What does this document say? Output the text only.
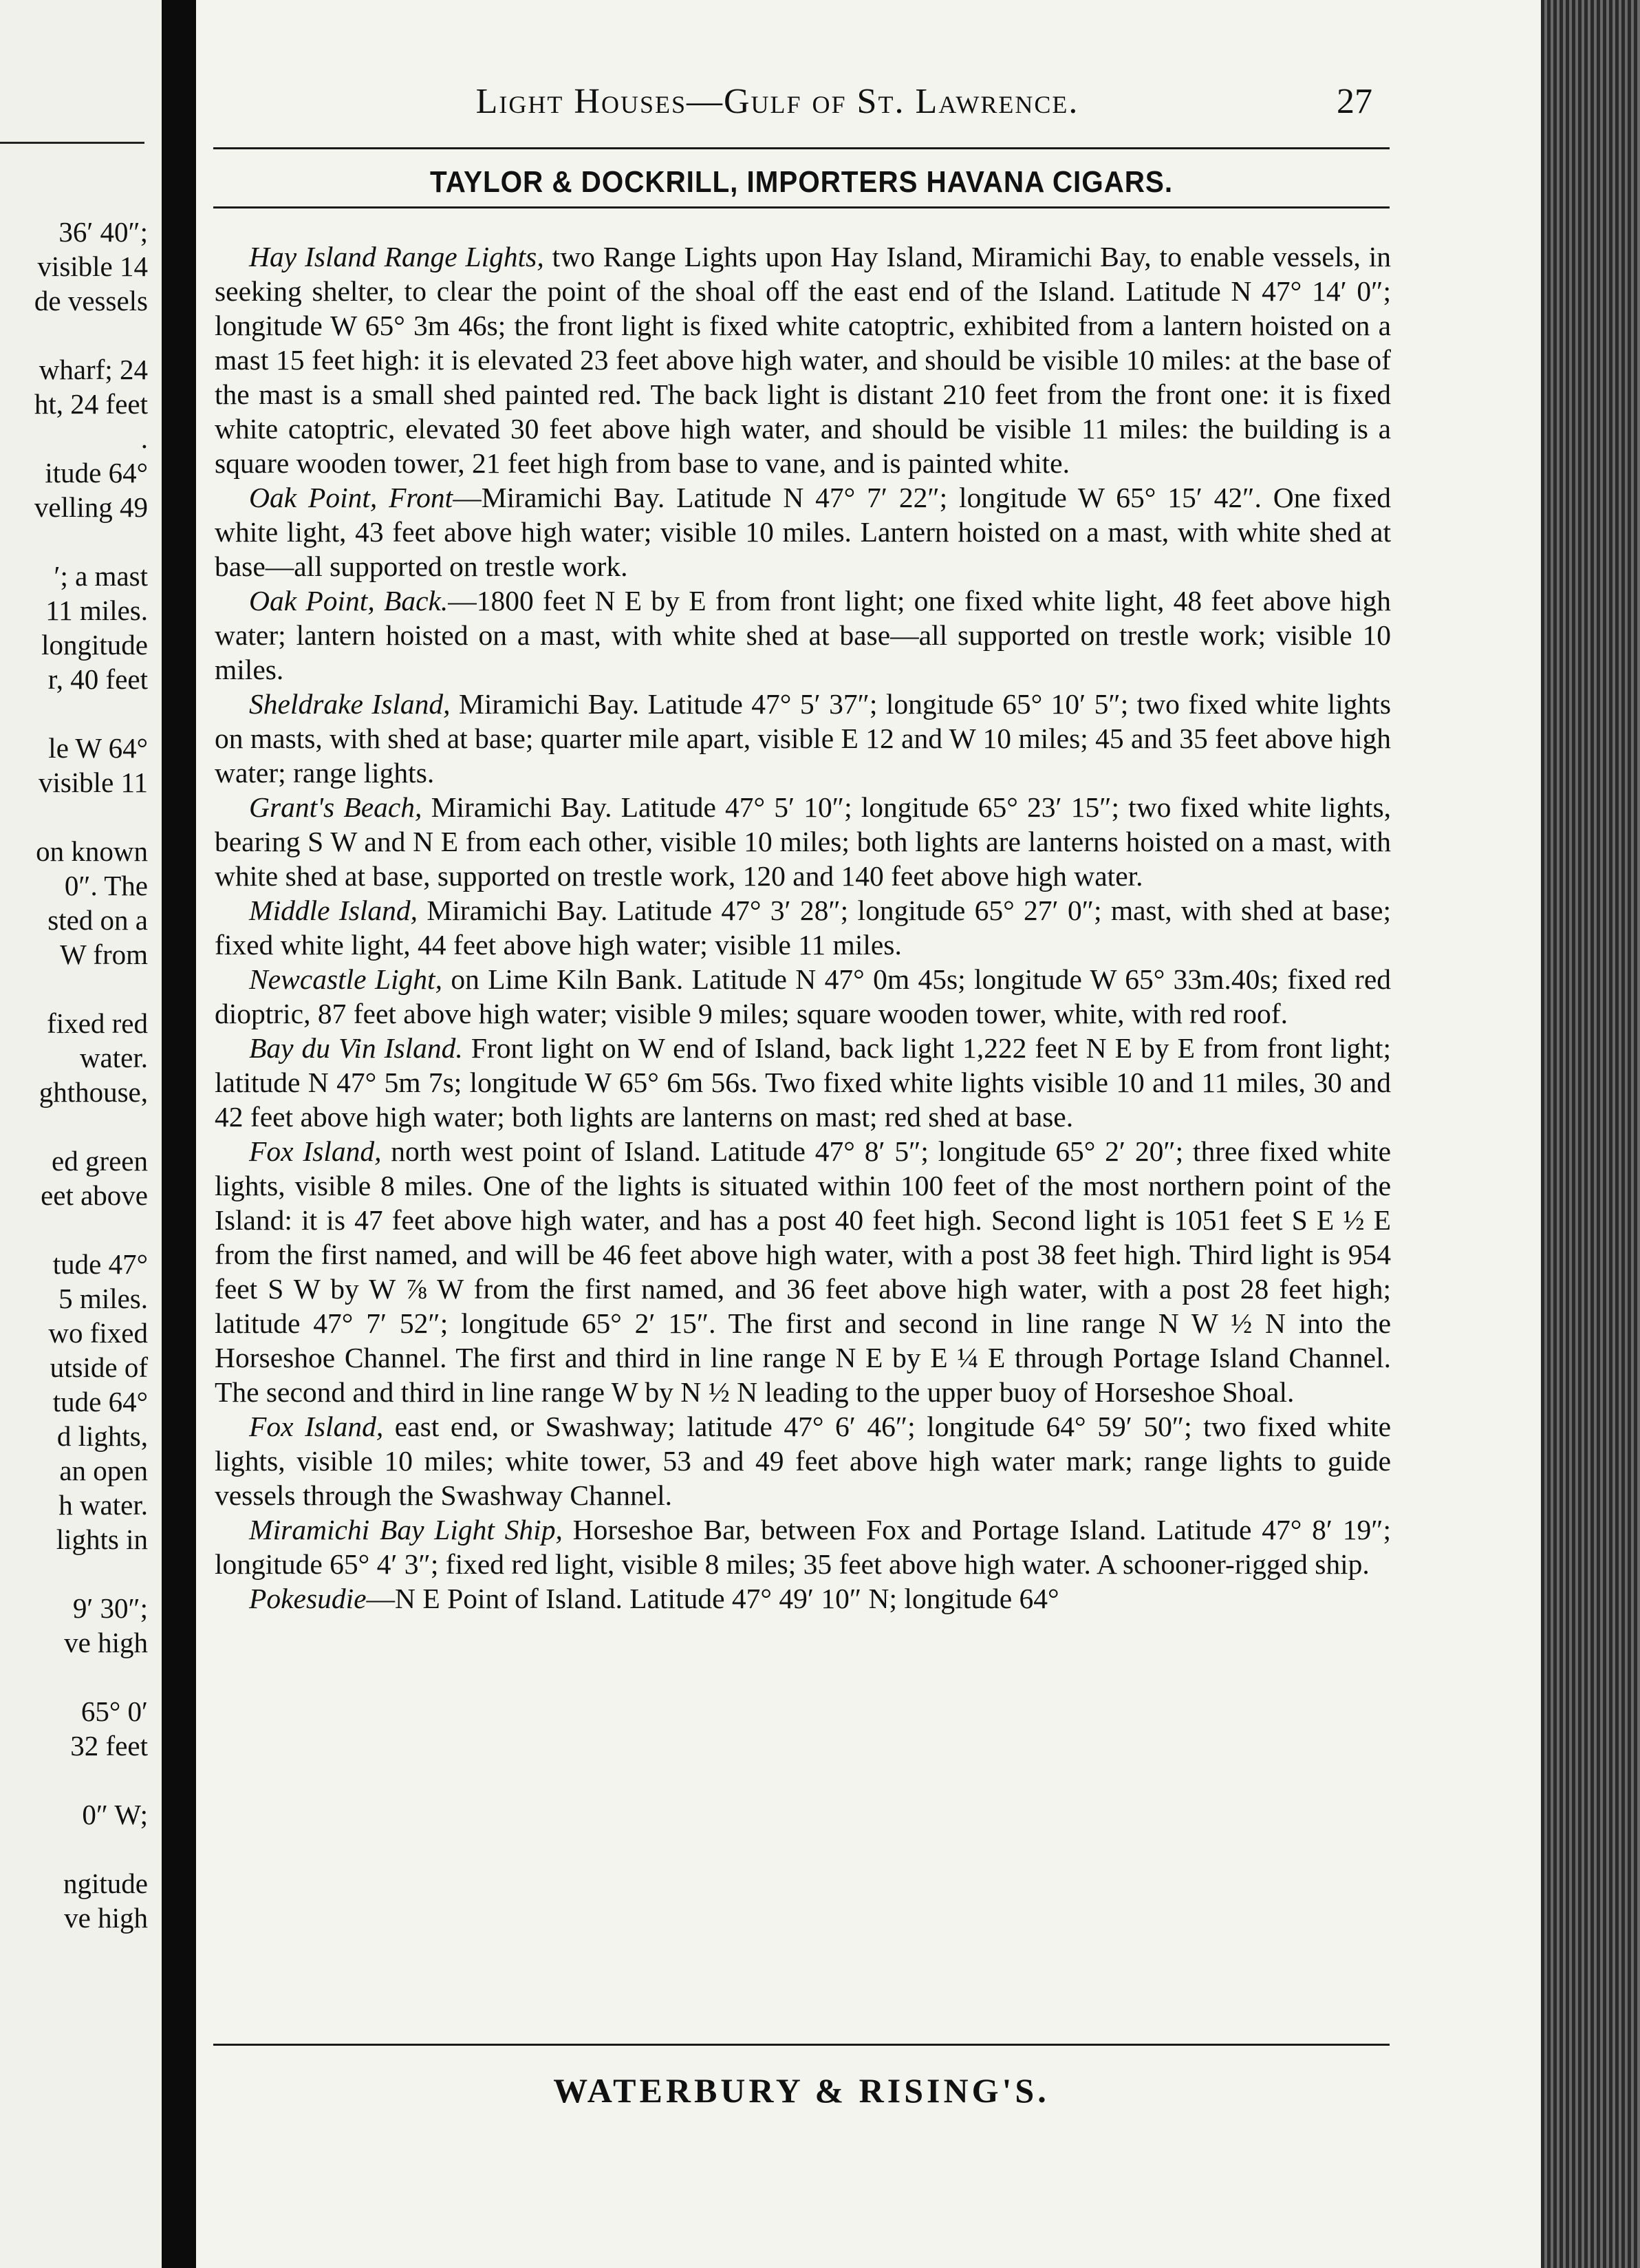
36′ 40″;
visible 14
de vessels
wharf; 24
ht, 24 feet
.
itude 64°
velling 49
′; a mast
11 miles.
longitude
r, 40 feet
le W 64°
visible 11
on known
0″. The
sted on a
W from
fixed red
water.
ghthouse,
ed green
eet above
tude 47°
5 miles.
wo fixed
utside of
tude 64°
d lights,
an open
h water.
lights in
9′ 30″;
ve high
65° 0′
32 feet
0″ W;
ngitude
ve high
Light Houses—Gulf of St. Lawrence.	27
TAYLOR & DOCKRILL, IMPORTERS HAVANA CIGARS.

Hay Island Range Lights, two Range Lights upon Hay Island, Miramichi Bay, to enable vessels, in seeking shelter, to clear the point of the shoal off the east end of the Island. Latitude N 47° 14′ 0″; longitude W 65° 3m 46s; the front light is fixed white catoptric, exhibited from a lantern hoisted on a mast 15 feet high: it is elevated 23 feet above high water, and should be visible 10 miles: at the base of the mast is a small shed painted red. The back light is distant 210 feet from the front one: it is fixed white catoptric, elevated 30 feet above high water, and should be visible 11 miles: the building is a square wooden tower, 21 feet high from base to vane, and is painted white.

Oak Point, Front—Miramichi Bay. Latitude N 47° 7′ 22″; longitude W 65° 15′ 42″. One fixed white light, 43 feet above high water; visible 10 miles. Lantern hoisted on a mast, with white shed at base—all supported on trestle work.

Oak Point, Back.—1800 feet N E by E from front light; one fixed white light, 48 feet above high water; lantern hoisted on a mast, with white shed at base—all supported on trestle work; visible 10 miles.

Sheldrake Island, Miramichi Bay. Latitude 47° 5′ 37″; longitude 65° 10′ 5″; two fixed white lights on masts, with shed at base; quarter mile apart, visible E 12 and W 10 miles; 45 and 35 feet above high water; range lights.

Grant's Beach, Miramichi Bay. Latitude 47° 5′ 10″; longitude 65° 23′ 15″; two fixed white lights, bearing S W and N E from each other, visible 10 miles; both lights are lanterns hoisted on a mast, with white shed at base, supported on trestle work, 120 and 140 feet above high water.

Middle Island, Miramichi Bay. Latitude 47° 3′ 28″; longitude 65° 27′ 0″; mast, with shed at base; fixed white light, 44 feet above high water; visible 11 miles.

Newcastle Light, on Lime Kiln Bank. Latitude N 47° 0m 45s; longitude W 65° 33m.40s; fixed red dioptric, 87 feet above high water; visible 9 miles; square wooden tower, white, with red roof.

Bay du Vin Island. Front light on W end of Island, back light 1,222 feet N E by E from front light; latitude N 47° 5m 7s; longitude W 65° 6m 56s. Two fixed white lights visible 10 and 11 miles, 30 and 42 feet above high water; both lights are lanterns on mast; red shed at base.

Fox Island, north west point of Island. Latitude 47° 8′ 5″; longitude 65° 2′ 20″; three fixed white lights, visible 8 miles. One of the lights is situated within 100 feet of the most northern point of the Island: it is 47 feet above high water, and has a post 40 feet high. Second light is 1051 feet S E ½ E from the first named, and will be 46 feet above high water, with a post 38 feet high. Third light is 954 feet S W by W ⅞ W from the first named, and 36 feet above high water, with a post 28 feet high; latitude 47° 7′ 52″; longitude 65° 2′ 15″. The first and second in line range N W ½ N into the Horseshoe Channel. The first and third in line range N E by E ¼ E through Portage Island Channel. The second and third in line range W by N ½ N leading to the upper buoy of Horseshoe Shoal.

Fox Island, east end, or Swashway; latitude 47° 6′ 46″; longitude 64° 59′ 50″; two fixed white lights, visible 10 miles; white tower, 53 and 49 feet above high water mark; range lights to guide vessels through the Swashway Channel.

Miramichi Bay Light Ship, Horseshoe Bar, between Fox and Portage Island. Latitude 47° 8′ 19″; longitude 65° 4′ 3″; fixed red light, visible 8 miles; 35 feet above high water. A schooner-rigged ship.

Pokesudie—N E Point of Island. Latitude 47° 49′ 10″ N; longitude 64°

WATERBURY & RISING'S.
